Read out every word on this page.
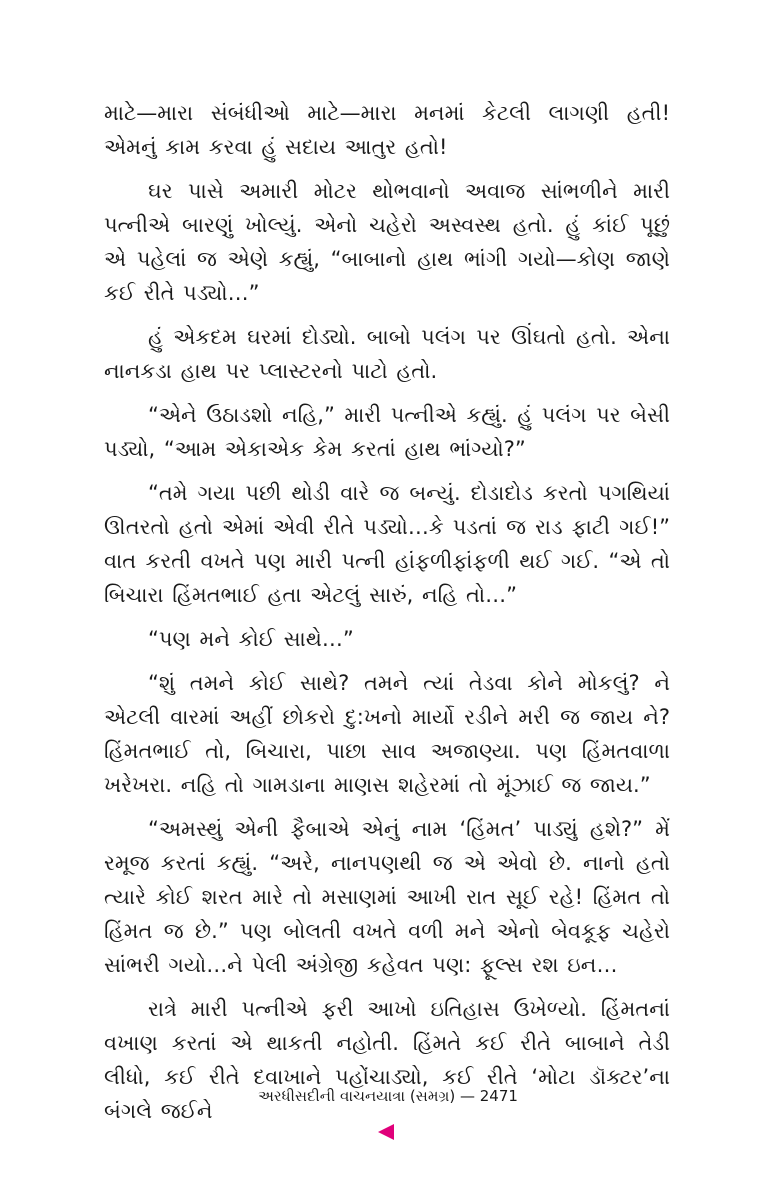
માટે—મારા સંબંધીઓ માટે—મારા મનમાં કેટલી લાગણી હતી! એમનું કામ કરવા હું સદાય આતુર હતો!

ઘર પાસે અમારી મોટર થોભવાનો અવાજ સાંભળીને મારી પત્નીએ બારણું ખોલ્યું. એનો ચહેરો અસ્વસ્થ હતો. હું કાંઈ પૂછું એ પહેલાં જ એણે કહ્યું, “બાબાનો હાથ ભાંગી ગયો—કોણ જાણે કઈ રીતે પડ્યો…”

હું એકદમ ઘરમાં દોડ્યો. બાબો પલંગ પર ઊંઘતો હતો. એના નાનકડા હાથ પર પ્લાસ્ટરનો પાટો હતો.

“એને ઉઠાડશો નહિ,” મારી પત્નીએ કહ્યું. હું પલંગ પર બેસી પડ્યો, “આમ એકાએક કેમ કરતાં હાથ ભાંગ્યો?”

“તમે ગયા પછી થોડી વારે જ બન્યું. દોડાદોડ કરતો પગથિયાં ઊતરતો હતો એમાં એવી રીતે પડ્યો…કે પડતાં જ રાડ ફાટી ગઈ!” વાત કરતી વખતે પણ મારી પત્ની હાંફળીફાંફળી થઈ ગઈ. “એ તો બિચારા હિંમતભાઈ હતા એટલું સારું, નહિ તો…”

“પણ મને કોઈ સાથે…”

“શું તમને કોઈ સાથે? તમને ત્યાં તેડવા કોને મોકલું? ને એટલી વારમાં અહીં છોકરો દુ:ખનો માર્યો રડીને મરી જ જાય ને? હિંમતભાઈ તો, બિચારા, પાછા સાવ અજાણ્યા. પણ હિંમતવાળા ખરેખરા. નહિ તો ગામડાના માણસ શહેરમાં તો મૂંઝાઈ જ જાય.”

“અમસ્થું એની ફૈબાએ એનું નામ ‘હિંમત’ પાડ્યું હશે?” મેં રમૂજ કરતાં કહ્યું. “અરે, નાનપણથી જ એ એવો છે. નાનો હતો ત્યારે કોઈ શરત મારે તો મસાણમાં આખી રાત સૂઈ રહે! હિંમત તો હિંમત જ છે.” પણ બોલતી વખતે વળી મને એનો બેવકૂફ ચહેરો સાંભરી ગયો…ને પેલી અંગ્રેજી કહેવત પણ: ફૂલ્સ રશ ઇન…

રાત્રે મારી પત્નીએ ફરી આખો ઇતિહાસ ઉખેળ્યો. હિંમતનાં વખાણ કરતાં એ થાકતી નહોતી. હિંમતે કઈ રીતે બાબાને તેડી લીધો, કઈ રીતે દવાખાને પહોંચાડ્યો, કઈ રીતે ‘મોટા ડૉક્ટર’ના બંગલે જઈને

અરધીસદીની વાચનયાત્રા (સમગ્ર) — 2471
